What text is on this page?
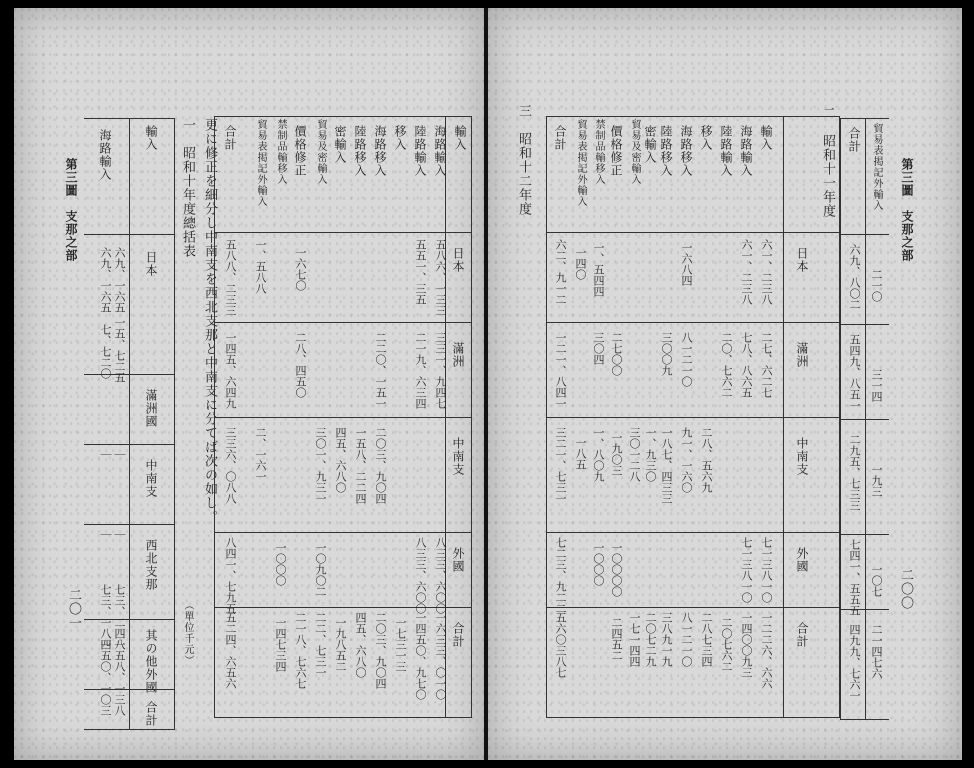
第三圖　支那之部
二〇一
輸入
海路輸入
日本
滿洲國
中南支
西北支那
其の他外國
合計
六九、一六五
六九、一六五
一五、七二五
七、七二〇
｜
｜
｜
｜
七三、二四八
七三、一八四
一五八、一三八
一五〇、一〇三
更に修正を細分し中南支を西北支那と中南支に分てば次の如し。
一　昭和十年度總括表
（單位千元）
輸入
海路輸入
陸路輸入
移入
海路移入
陸路移入
密輸入
貿易及密輸入
價格修正
禁制品輸移入
貿易表掲記外輸入
合計
日本
滿洲
中南支
外國
合計
五八六、一三三
五五一、三五
一六七〇
一、五八八
五八八、二三三
三三一、九四七
二一九、六三四
二二〇、一五一
二八、四五〇
一四五、六四九
二〇三、九〇四
一五八、二二四
四五、六八〇
三〇一、九三一
二、一六一
三三六、〇八八
八三三、六〇〇
八三三、六〇〇
一〇九〇二
一〇〇〇
八四一、七九五
一六三三、〇一〇
一四五〇、九七〇
一七三一三
二〇三、九〇四
四五、六八〇
一九八五二
二二、七三一
二一八、七六七
一四七三四
五二四、六五六
第三圖　支那之部
二〇〇
三　昭和十二年度	二　昭和十一年度	貿易表掲記外輸入
合計
二一〇
六九、八〇二
三一四
五四九、八五一
一九三
二九五、七三三
一〇七
七四一、五五五
二一四七六
四九九、七六一
輸入
海路輸入
陸路輸入
移入
海路移入
陸路移入
密輸入
貿易及密輸入
價格修正
禁制品輸移入
貿易表掲記外輸入
合計
日本
滿洲
中南支
外國
合計
六一、二三八
六一、二三八
一六八四
一、五四四
一四〇
六二、九一二
二七、六二七
七八、八六五
二〇、七六二
八一二一〇
三〇〇九
二七〇〇
三〇四
一二一、八四一
二八、五六九
九一、一六〇
一八七、四三三
一、九三〇
三〇一二八
一九〇三
一、八〇九
一八五
三二一、七三一
七一三八一〇
七一三八一〇
一〇〇〇〇
一〇〇〇
七二三、九二二
一二二六、六六
一四〇〇九三
二〇七六二
二八七三四
八一二一〇
三八九一九
二〇七二九
一七一四四
二四五二
五六〇三八七
